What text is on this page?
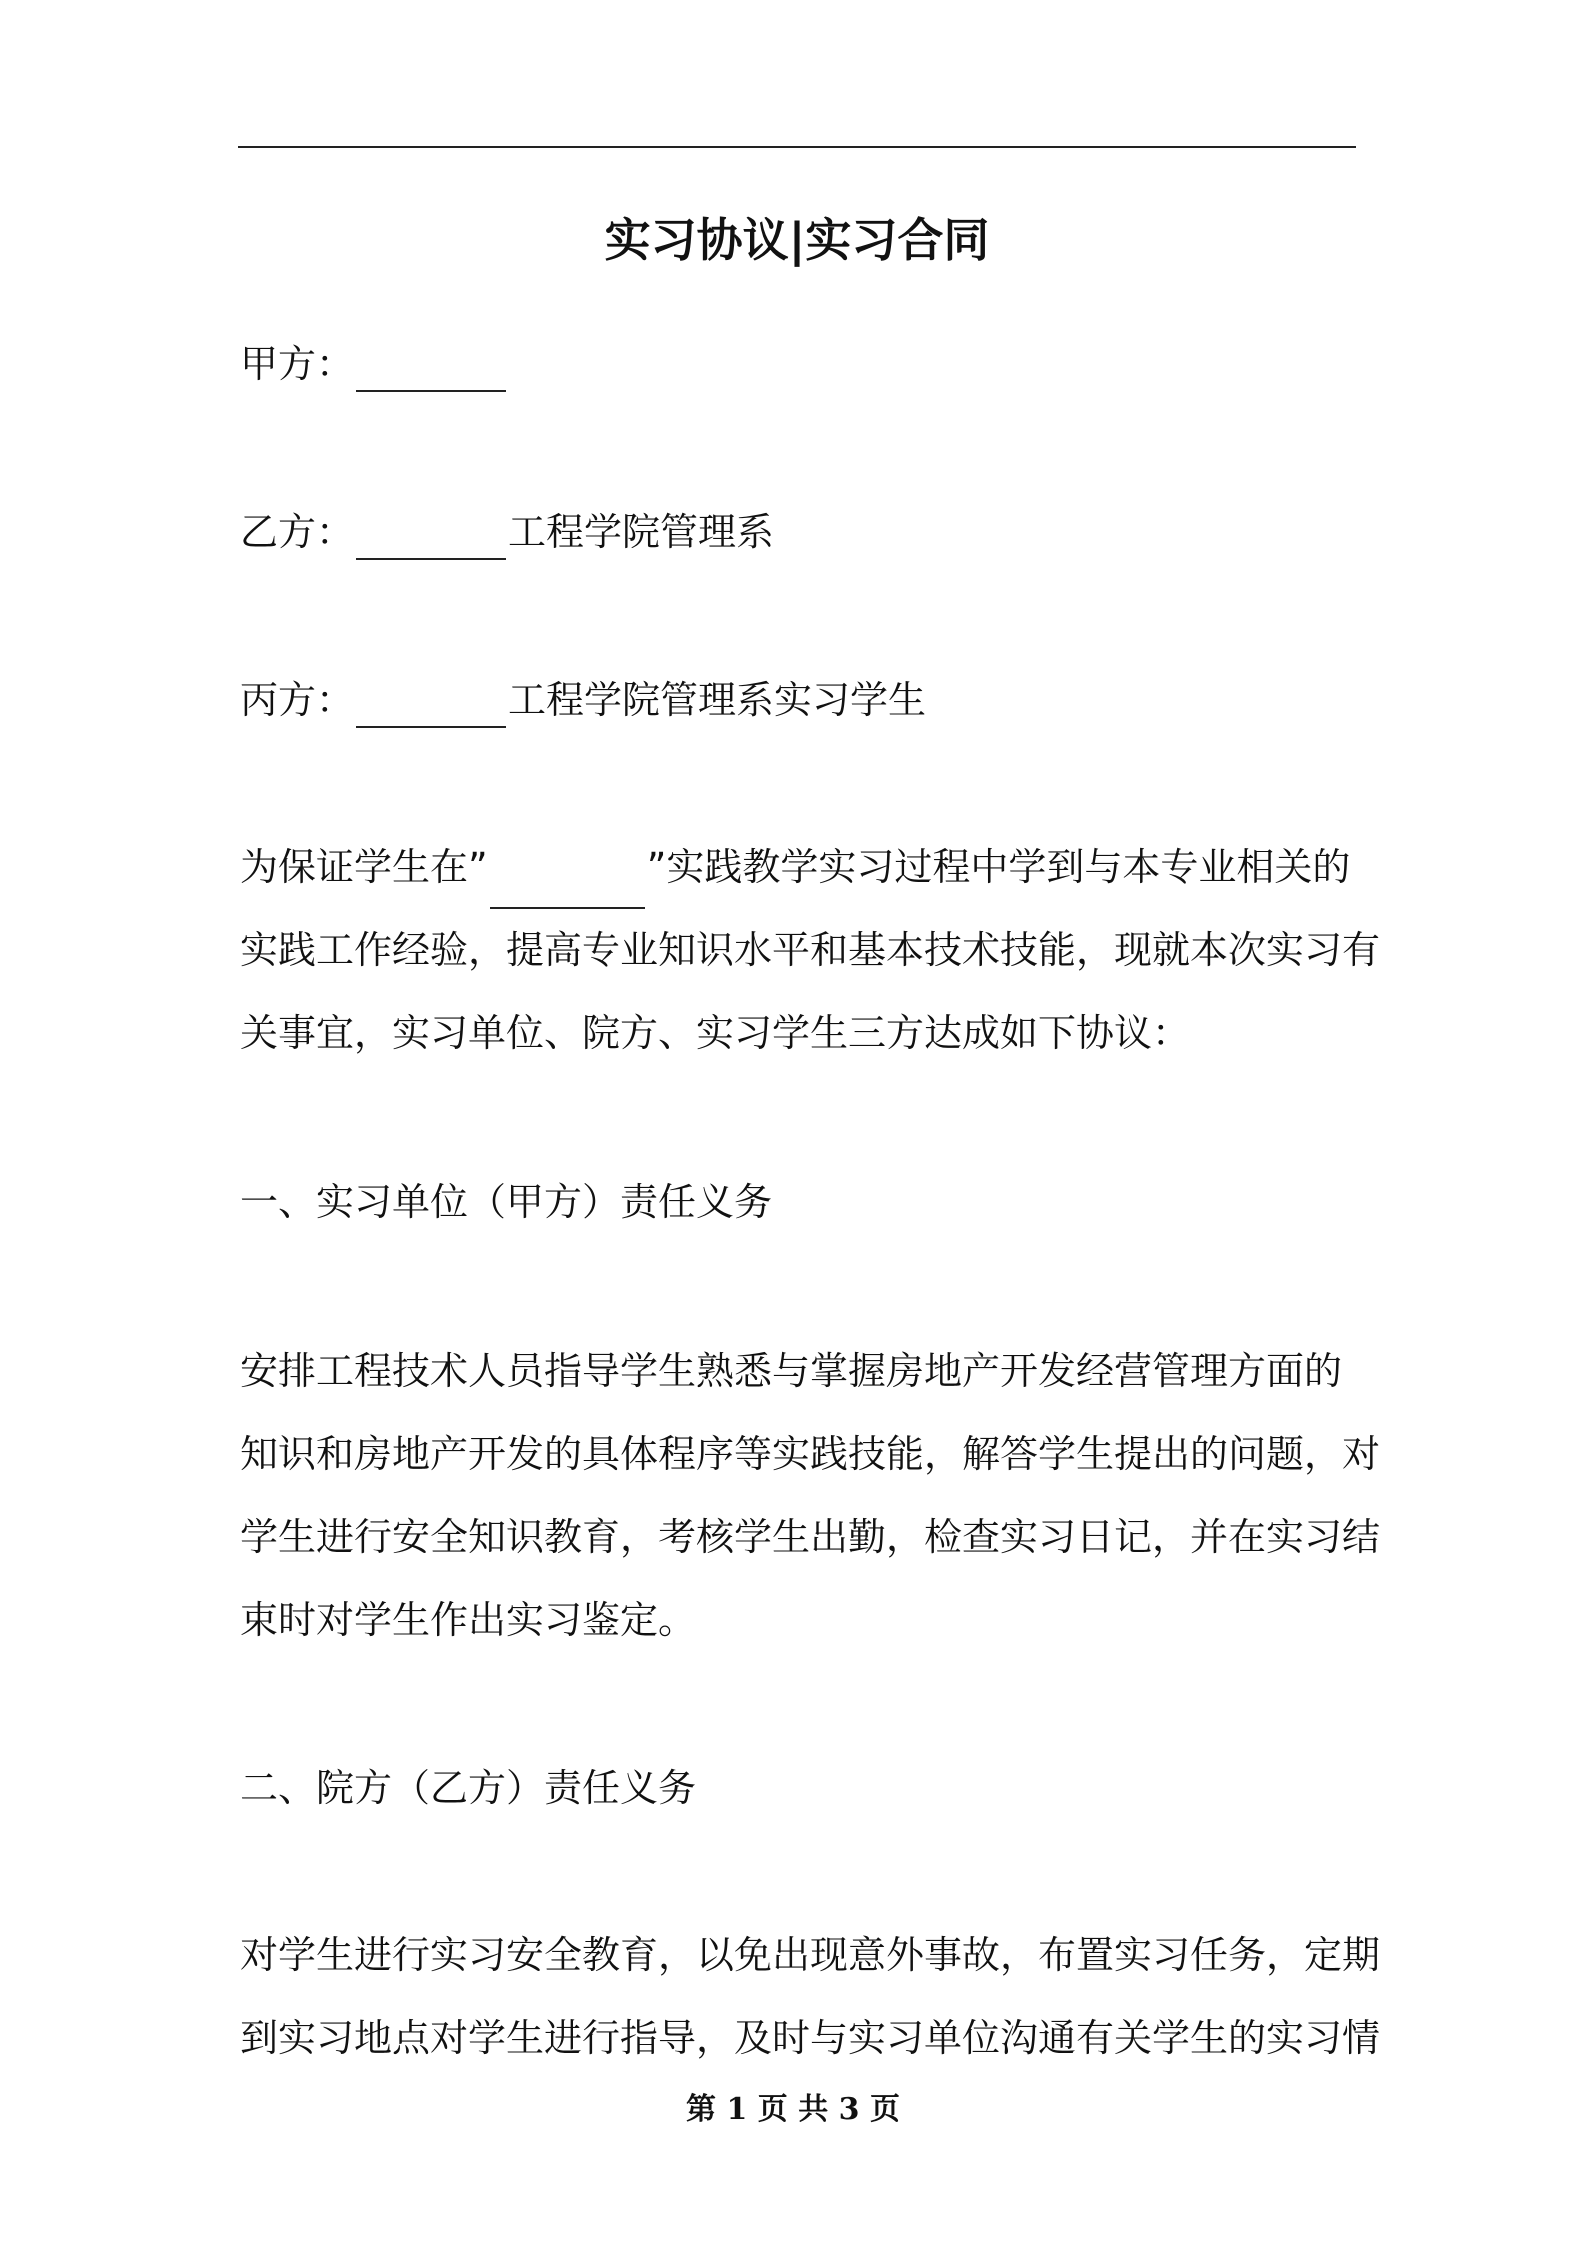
实习协议|实习合同
甲方：
乙方：	工程学院管理系
丙方：	工程学院管理系实习学生
为保证学生在”	”实践教学实习过程中学到与本专业相关的
实践工作经验，提高专业知识水平和基本技术技能，现就本次实习有
关事宜，实习单位、院方、实习学生三方达成如下协议：
一、实习单位（甲方）责任义务
安排工程技术人员指导学生熟悉与掌握房地产开发经营管理方面的
知识和房地产开发的具体程序等实践技能，解答学生提出的问题，对
学生进行安全知识教育，考核学生出勤，检查实习日记，并在实习结
束时对学生作出实习鉴定。
二、院方（乙方）责任义务
对学生进行实习安全教育，以免出现意外事故，布置实习任务，定期
到实习地点对学生进行指导，及时与实习单位沟通有关学生的实习情
第 1 页 共 3 页
